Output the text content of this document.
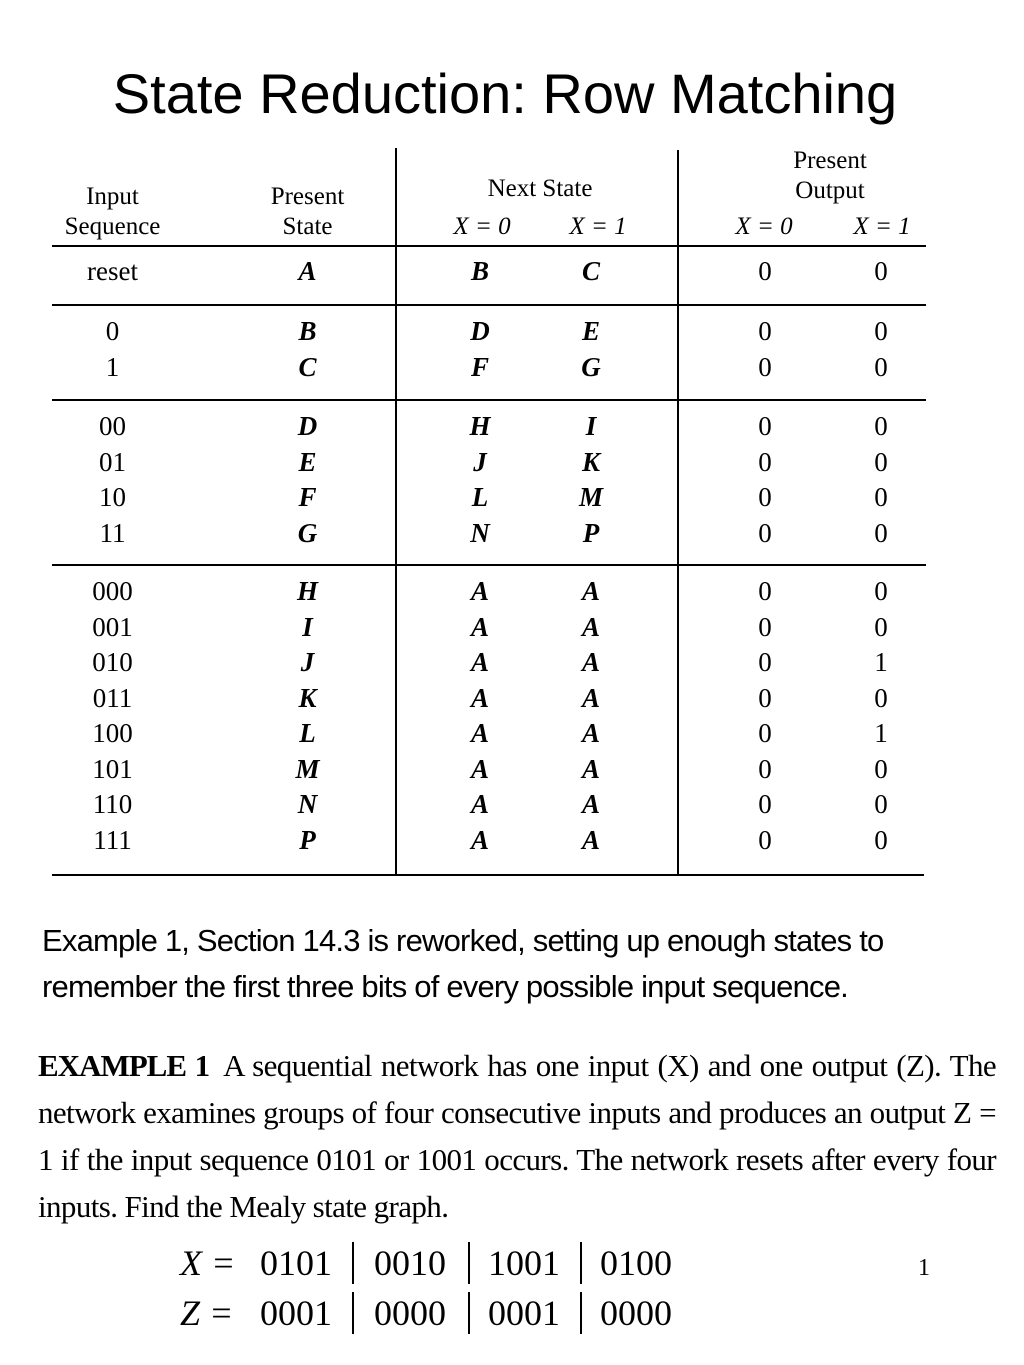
State Reduction: Row Matching
Input
Sequence
Present
State
Next State
Present
Output
X = 0	X = 1	X = 0	X = 1
reset	A	B	C	0	0
0	B	D	E	0	0
1	C	F	G	0	0
00	D	H	I	0	0
01	E	J	K	0	0
10	F	L	M	0	0
11	G	N	P	0	0
000	H	A	A	0	0
001	I	A	A	0	0
010	J	A	A	0	1
011	K	A	A	0	0
100	L	A	A	0	1
101	M	A	A	0	0
110	N	A	A	0	0
111	P	A	A	0	0
Example 1, Section 14.3 is reworked, setting up enough states to remember the first three bits of every possible input sequence.
EXAMPLE 1 A sequential network has one input (X) and one output (Z). The network examines groups of four consecutive inputs and produces an output Z = 1 if the input sequence 0101 or 1001 occurs. The network resets after every four inputs. Find the Mealy state graph.
X = 0101 0010 1001 0100
Z = 0001 0000 0001 0000
1
